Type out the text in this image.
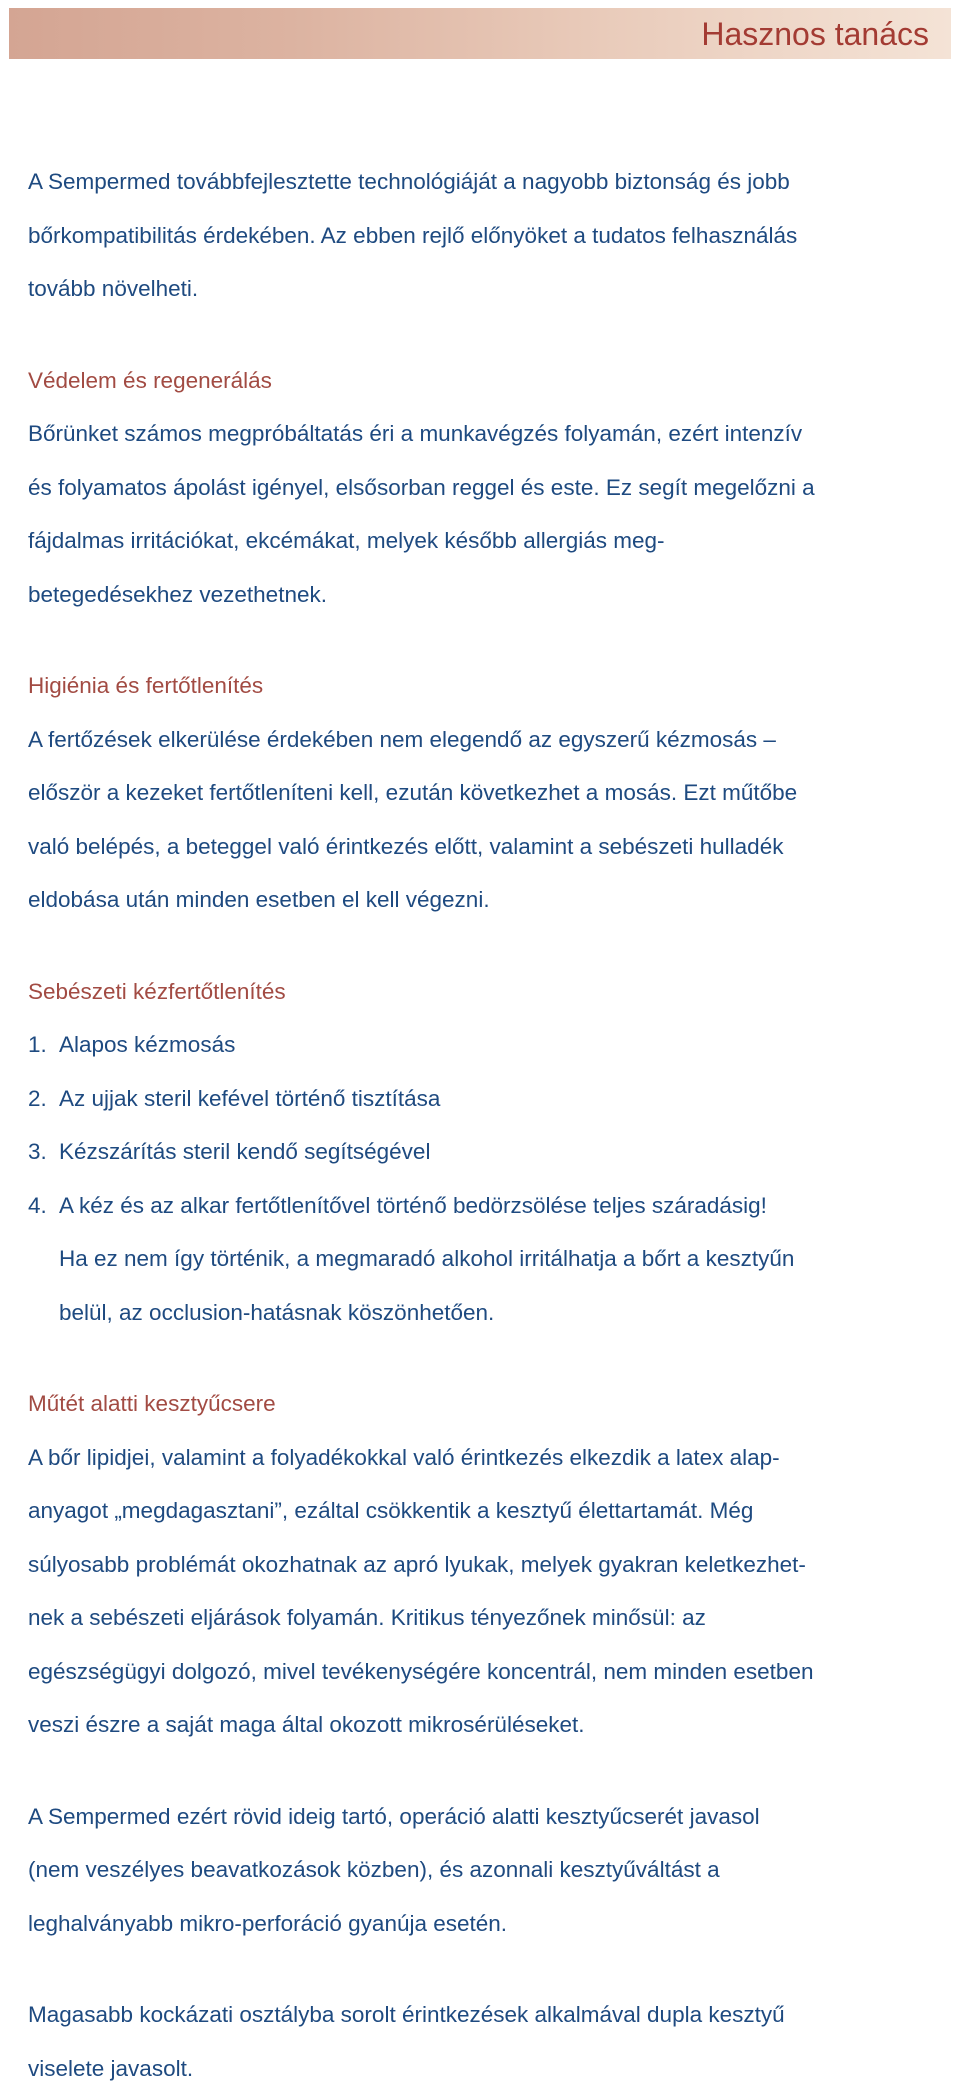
Hasznos tanács
A Sempermed továbbfejlesztette technológiáját a nagyobb biztonság és jobb
bőrkompatibilitás érdekében. Az ebben rejlő előnyöket a tudatos felhasználás
tovább növelheti.
Védelem és regenerálás
Bőrünket számos megpróbáltatás éri a munkavégzés folyamán, ezért intenzív
és folyamatos ápolást igényel, elsősorban reggel és este. Ez segít megelőzni a
fájdalmas irritációkat, ekcémákat, melyek később allergiás meg-
betegedésekhez vezethetnek.
Higiénia és fertőtlenítés
A fertőzések elkerülése érdekében nem elegendő az egyszerű kézmosás –
először a kezeket fertőtleníteni kell, ezután következhet a mosás. Ezt műtőbe
való belépés, a beteggel való érintkezés előtt, valamint a sebészeti hulladék
eldobása után minden esetben el kell végezni.
Sebészeti kézfertőtlenítés
1. Alapos kézmosás
2. Az ujjak steril kefével történő tisztítása
3. Kézszárítás steril kendő segítségével
4. A kéz és az alkar fertőtlenítővel történő bedörzsölése teljes száradásig!
Ha ez nem így történik, a megmaradó alkohol irritálhatja a bőrt a kesztyűn
belül, az occlusion-hatásnak köszönhetően.
Műtét alatti kesztyűcsere
A bőr lipidjei, valamint a folyadékokkal való érintkezés elkezdik a latex alap-
anyagot „megdagasztani”, ezáltal csökkentik a kesztyű élettartamát. Még
súlyosabb problémát okozhatnak az apró lyukak, melyek gyakran keletkezhet-
nek a sebészeti eljárások folyamán. Kritikus tényezőnek minősül: az
egészségügyi dolgozó, mivel tevékenységére koncentrál, nem minden esetben
veszi észre a saját maga által okozott mikrosérüléseket.
A Sempermed ezért rövid ideig tartó, operáció alatti kesztyűcserét javasol
(nem veszélyes beavatkozások közben), és azonnali kesztyűváltást a
leghalványabb mikro-perforáció gyanúja esetén.
Magasabb kockázati osztályba sorolt érintkezések alkalmával dupla kesztyű
viselete javasolt.
